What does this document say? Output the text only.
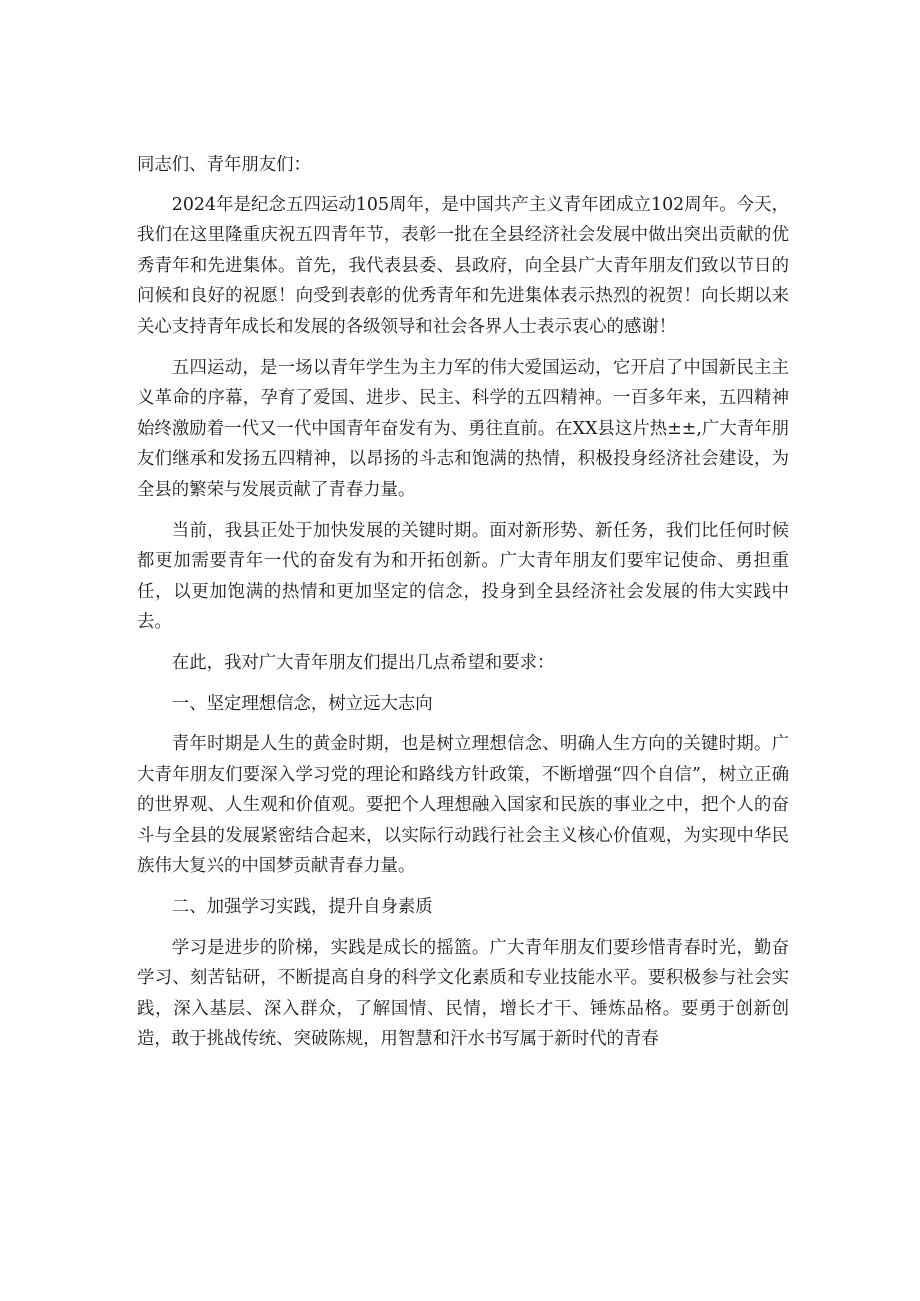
同志们、青年朋友们：

2024年是纪念五四运动105周年，是中国共产主义青年团成立102周年。今天，我们在这里隆重庆祝五四青年节，表彰一批在全县经济社会发展中做出突出贡献的优秀青年和先进集体。首先，我代表县委、县政府，向全县广大青年朋友们致以节日的问候和良好的祝愿！向受到表彰的优秀青年和先进集体表示热烈的祝贺！向长期以来关心支持青年成长和发展的各级领导和社会各界人士表示衷心的感谢！

五四运动，是一场以青年学生为主力军的伟大爱国运动，它开启了中国新民主主义革命的序幕，孕育了爱国、进步、民主、科学的五四精神。一百多年来，五四精神始终激励着一代又一代中国青年奋发有为、勇往直前。在XX县这片热±±,广大青年朋友们继承和发扬五四精神，以昂扬的斗志和饱满的热情，积极投身经济社会建设，为全县的繁荣与发展贡献了青春力量。

当前，我县正处于加快发展的关键时期。面对新形势、新任务，我们比任何时候都更加需要青年一代的奋发有为和开拓创新。广大青年朋友们要牢记使命、勇担重任，以更加饱满的热情和更加坚定的信念，投身到全县经济社会发展的伟大实践中去。

在此，我对广大青年朋友们提出几点希望和要求：

一、坚定理想信念，树立远大志向

青年时期是人生的黄金时期，也是树立理想信念、明确人生方向的关键时期。广大青年朋友们要深入学习党的理论和路线方针政策，不断增强“四个自信”，树立正确的世界观、人生观和价值观。要把个人理想融入国家和民族的事业之中，把个人的奋斗与全县的发展紧密结合起来，以实际行动践行社会主义核心价值观，为实现中华民族伟大复兴的中国梦贡献青春力量。

二、加强学习实践，提升自身素质

学习是进步的阶梯，实践是成长的摇篮。广大青年朋友们要珍惜青春时光，勤奋学习、刻苦钻研，不断提高自身的科学文化素质和专业技能水平。要积极参与社会实践，深入基层、深入群众，了解国情、民情，增长才干、锤炼品格。要勇于创新创造，敢于挑战传统、突破陈规，用智慧和汗水书写属于新时代的青春
